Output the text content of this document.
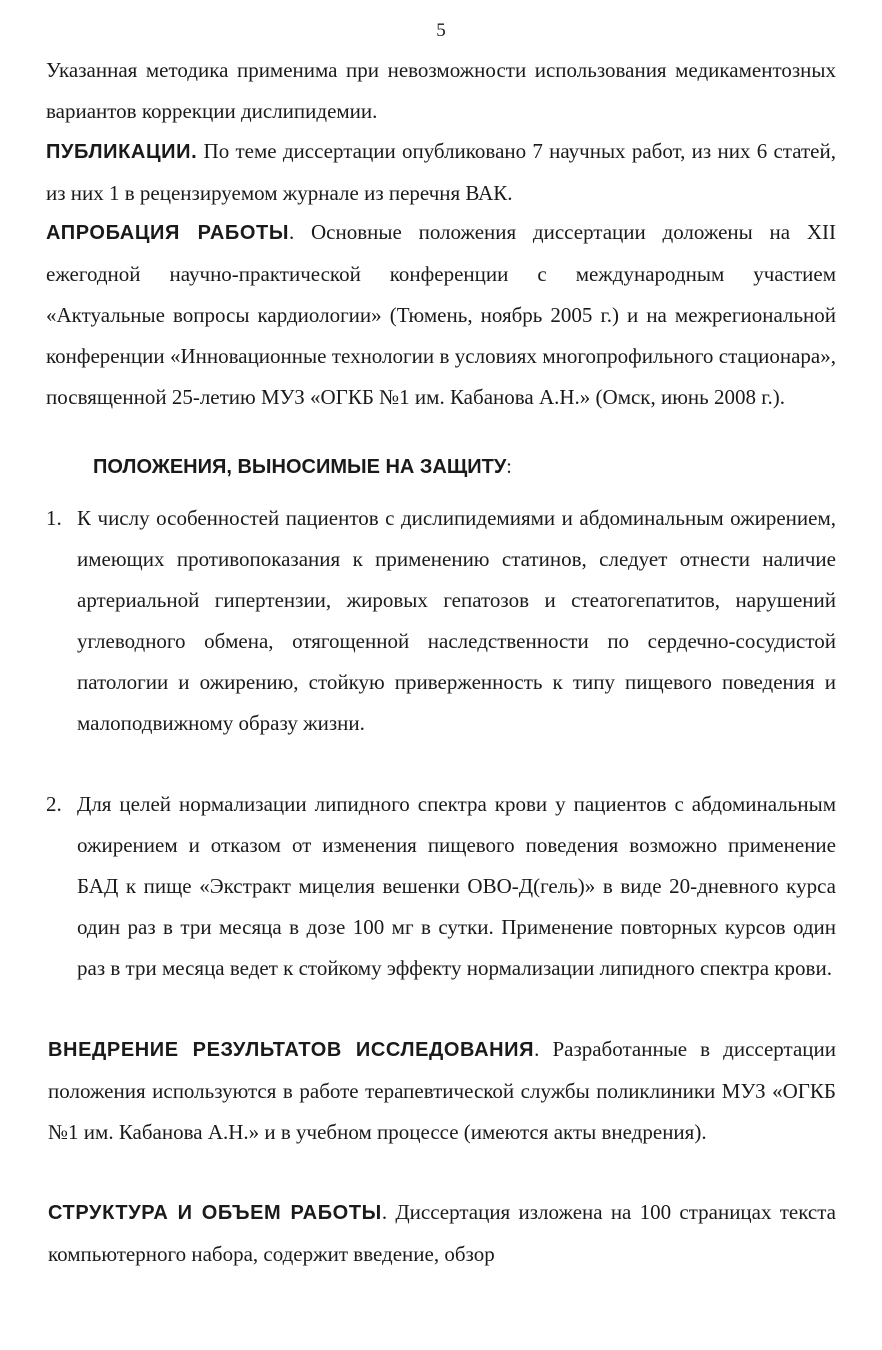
5
Указанная методика применима при невозможности использования медикаментозных вариантов коррекции дислипидемии.
ПУБЛИКАЦИИ. По теме диссертации опубликовано 7 научных работ, из них 6 статей, из них 1 в рецензируемом журнале из перечня ВАК.
АПРОБАЦИЯ РАБОТЫ. Основные положения диссертации доложены на XII ежегодной научно-практической конференции с международным участием «Актуальные вопросы кардиологии» (Тюмень, ноябрь 2005 г.) и на межрегиональной конференции «Инновационные технологии в условиях многопрофильного стационара», посвященной 25-летию МУЗ «ОГКБ №1 им. Кабанова А.Н.» (Омск, июнь 2008 г.).
ПОЛОЖЕНИЯ, ВЫНОСИМЫЕ НА ЗАЩИТУ:
1. К числу особенностей пациентов с дислипидемиями и абдоминальным ожирением, имеющих противопоказания к применению статинов, следует отнести наличие артериальной гипертензии, жировых гепатозов и стеатогепатитов, нарушений углеводного обмена, отягощенной наследственности по сердечно-сосудистой патологии и ожирению, стойкую приверженность к типу пищевого поведения и малоподвижному образу жизни.
2. Для целей нормализации липидного спектра крови у пациентов с абдоминальным ожирением и отказом от изменения пищевого поведения возможно применение БАД к пище «Экстракт мицелия вешенки ОВО-Д(гель)» в виде 20-дневного курса один раз в три месяца в дозе 100 мг в сутки. Применение повторных курсов один раз в три месяца ведет к стойкому эффекту нормализации липидного спектра крови.
ВНЕДРЕНИЕ РЕЗУЛЬТАТОВ ИССЛЕДОВАНИЯ. Разработанные в диссертации положения используются в работе терапевтической службы поликлиники МУЗ «ОГКБ №1 им. Кабанова А.Н.» и в учебном процессе (имеются акты внедрения).
СТРУКТУРА И ОБЪЕМ РАБОТЫ. Диссертация изложена на 100 страницах текста компьютерного набора, содержит введение, обзор
